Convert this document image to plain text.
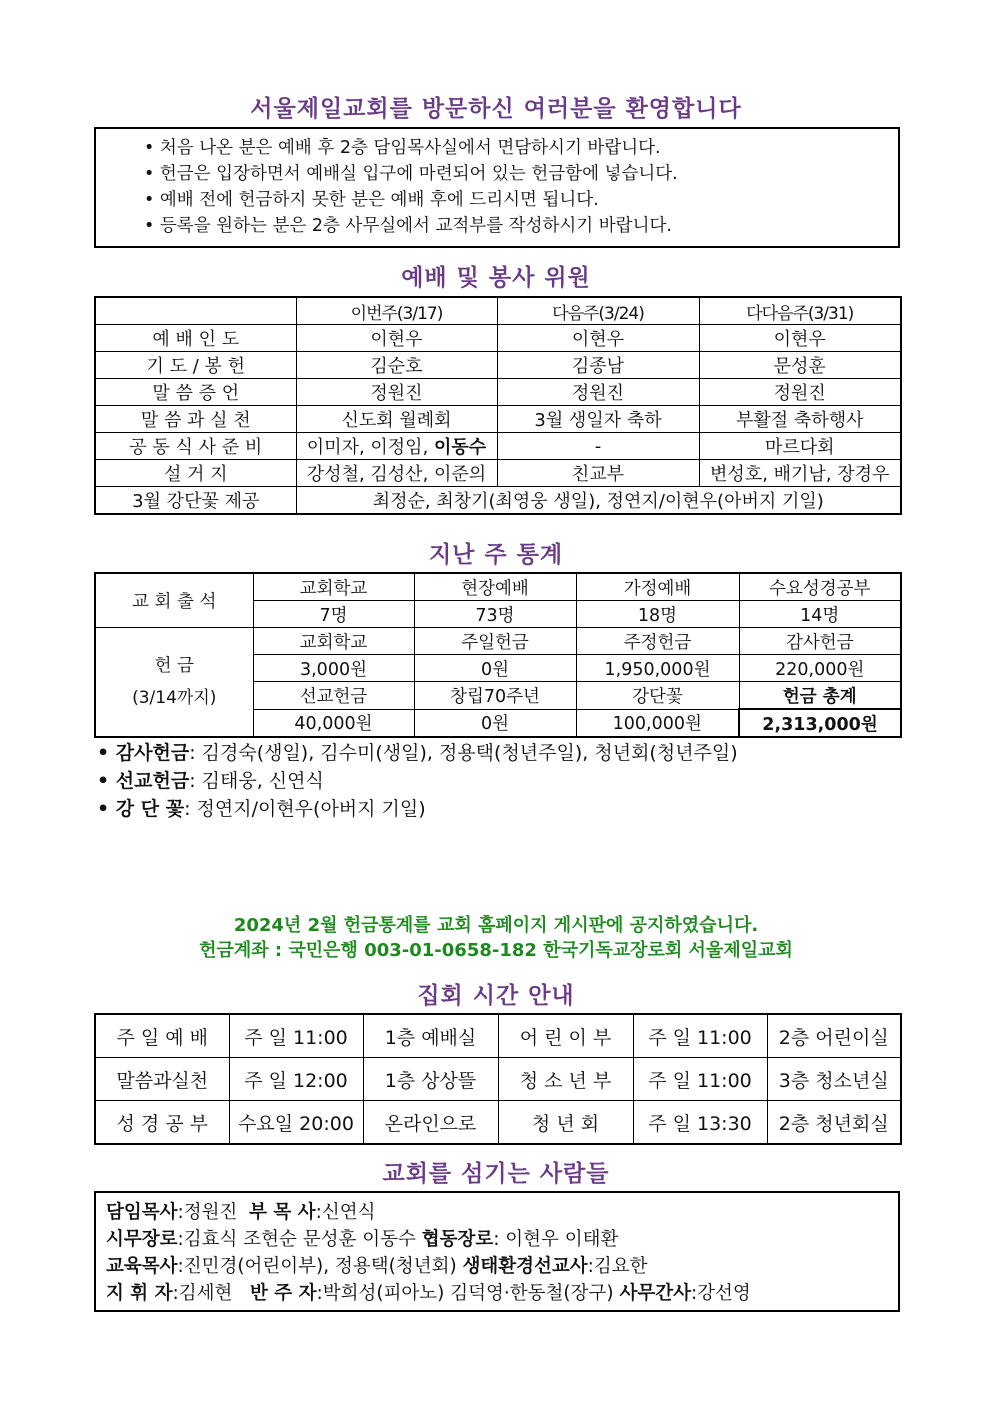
서울제일교회를 방문하신 여러분을 환영합니다
• 처음 나온 분은 예배 후 2층 담임목사실에서 면담하시기 바랍니다.
• 헌금은 입장하면서 예배실 입구에 마련되어 있는 헌금함에 넣습니다.
• 예배 전에 헌금하지 못한 분은 예배 후에 드리시면 됩니다.
• 등록을 원하는 분은 2층 사무실에서 교적부를 작성하시기 바랍니다.
예배 및 봉사 위원
	이번주(3/17)	다음주(3/24)	다다음주(3/31)
예 배 인 도	이현우	이현우	이현우
기 도 / 봉 헌	김순호	김종남	문성훈
말 씀 증 언	정원진	정원진	정원진
말 씀 과 실 천	신도회 월례회	3월 생일자 축하	부활절 축하행사
공 동 식 사 준 비	이미자, 이정임, 이동수	-	마르다회
설 거 지	강성철, 김성산, 이준의	친교부	변성호, 배기남, 장경우
3월 강단꽃 제공	최정순, 최창기(최영웅 생일), 정연지/이현우(아버지 기일)		
지난 주 통계
교 회 출 석	교회학교	현장예배	가정예배	수요성경공부
	7명	73명	18명	14명

헌 금
(3/14까지)	교회학교	주일헌금	주정헌금	감사헌금
	3,000원	0원	1,950,000원	220,000원
	선교헌금	창립70주년	강단꽃	헌금 총계
	40,000원	0원	100,000원	2,313,000원
• 감사헌금: 김경숙(생일), 김수미(생일), 정용택(청년주일), 청년회(청년주일)
• 선교헌금: 김태웅, 신연식
• 강 단 꽃: 정연지/이현우(아버지 기일)
2024년 2월 헌금통계를 교회 홈페이지 게시판에 공지하였습니다.
헌금계좌 : 국민은행 003-01-0658-182 한국기독교장로회 서울제일교회
집회 시간 안내
주 일 예 배	주 일 11:00	1층 예배실	어 린 이 부	주 일 11:00	2층 어린이실
말씀과실천	주 일 12:00	1층 상상뜰	청 소 년 부	주 일 11:00	3층 청소년실
성 경 공 부	수요일 20:00	온라인으로	청 년 회	주 일 13:30	2층 청년회실
교회를 섬기는 사람들
담임목사:정원진  부 목 사:신연식
시무장로:김효식 조현순 문성훈 이동수 협동장로: 이현우 이태환
교육목사:진민경(어린이부), 정용택(청년회) 생태환경선교사:김요한
지 휘 자:김세현   반 주 자:박희성(피아노) 김덕영·한동철(장구) 사무간사:강선영
